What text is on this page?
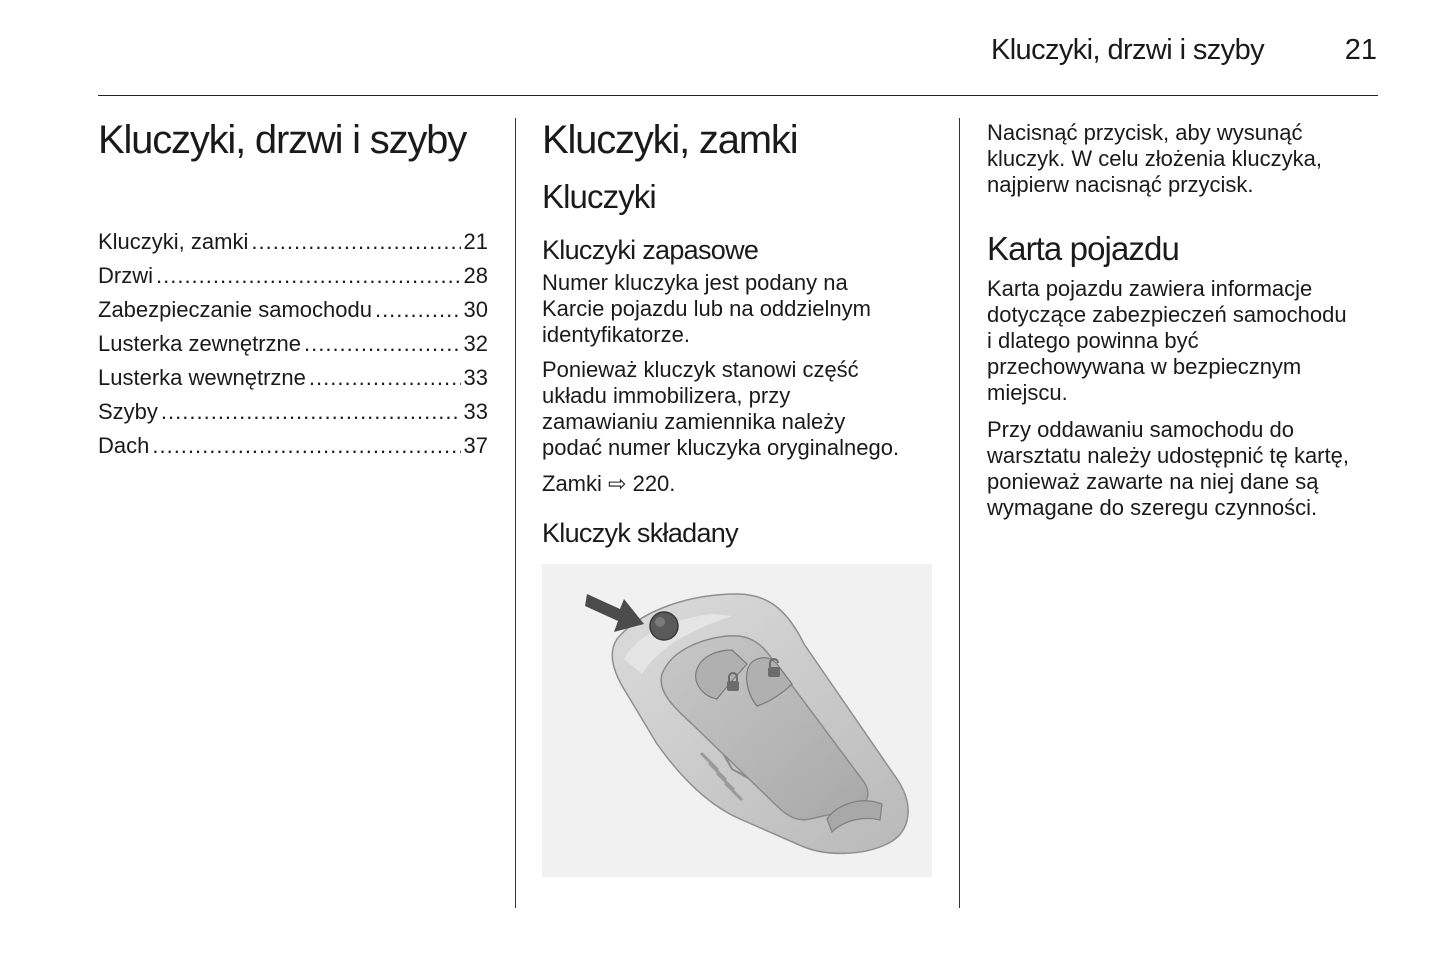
Kluczyki, drzwi i szyby	21
Kluczyki, drzwi i szyby
Kluczyki, zamki .....	21
Drzwi .....	28
Zabezpieczanie samochodu .....	30
Lusterka zewnętrzne .....	32
Lusterka wewnętrzne .....	33
Szyby .....	33
Dach .....	37
Kluczyki, zamki
Kluczyki
Kluczyki zapasowe

Numer kluczyka jest podany na
Karcie pojazdu lub na oddzielnym
identyfikatorze.

Ponieważ kluczyk stanowi część
układu immobilizera, przy
zamawianiu zamiennika należy
podać numer kluczyka oryginalnego.

Zamki ⇨ 220.

Kluczyk składany

Nacisnąć przycisk, aby wysunąć
kluczyk. W celu złożenia kluczyka,
najpierw nacisnąć przycisk.

Karta pojazdu

Karta pojazdu zawiera informacje
dotyczące zabezpieczeń samochodu
i dlatego powinna być
przechowywana w bezpiecznym
miejscu.

Przy oddawaniu samochodu do
warsztatu należy udostępnić tę kartę,
ponieważ zawarte na niej dane są
wymagane do szeregu czynności.
